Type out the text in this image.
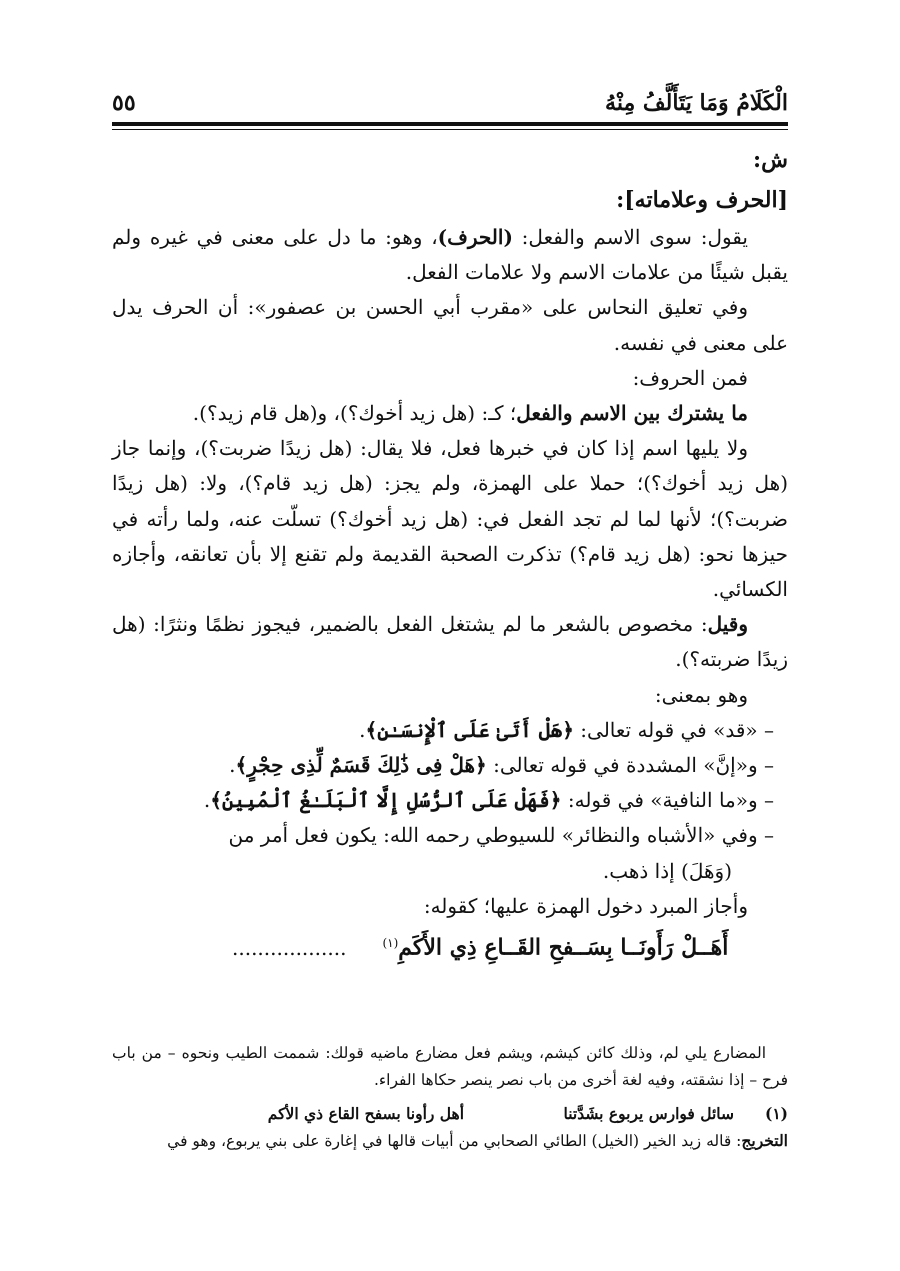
الْكَلَامُ وَمَا يَتَأَلَّفُ مِنْهُ
٥٥

ش:

[الحرف وعلاماته]:

يقول: سوى الاسم والفعل: (الحرف)، وهو: ما دل على معنى في غيره ولم يقبل شيئًا من علامات الاسم ولا علامات الفعل.

وفي تعليق النحاس على «مقرب أبي الحسن بن عصفور»: أن الحرف يدل على معنى في نفسه.

فمن الحروف:

ما يشترك بين الاسم والفعل؛ كـ: (هل زيد أخوك؟)، و(هل قام زيد؟).

ولا يليها اسم إذا كان في خبرها فعل، فلا يقال: (هل زيدًا ضربت؟)، وإنما جاز (هل زيد أخوك؟)؛ حملا على الهمزة، ولم يجز: (هل زيد قام؟)، ولا: (هل زيدًا ضربت؟)؛ لأنها لما لم تجد الفعل في: (هل زيد أخوك؟) تسلّت عنه، ولما رأته في حيزها نحو: (هل زيد قام؟) تذكرت الصحبة القديمة ولم تقنع إلا بأن تعانقه، وأجازه الكسائي.

وقيل: مخصوص بالشعر ما لم يشتغل الفعل بالضمير، فيجوز نظمًا ونثرًا: (هل زيدًا ضربته؟).

وهو بمعنى:

– «قد» في قوله تعالى: ﴿هَلْ أَتَىٰ عَلَى ٱلْإِنسَـٰنِ﴾.

– و«إنَّ» المشددة في قوله تعالى: ﴿هَلْ فِى ذَٰلِكَ قَسَمٌ لِّذِى حِجْرٍ﴾.

– و«ما النافية» في قوله: ﴿فَهَلْ عَلَى ٱلرُّسُلِ إِلَّا ٱلْبَلَـٰغُ ٱلْمُبِينُ﴾.

– وفي «الأشباه والنظائر» للسيوطي رحمه الله: يكون فعل أمر من

(وَهَلَ) إذا ذهب.

وأجاز المبرد دخول الهمزة عليها؛ كقوله:

أَهَــلْ رَأَونَــا بِسَــفحِ القَــاعِ ذِي الأَكَمِ$^{(١)}$..................

المضارع يلي لم، وذلك كائن كيشم، ويشم فعل مضارع ماضيه قولك: شممت الطيب ونحوه – من باب فرح – إذا نشقته، وفيه لغة أخرى من باب نصر ينصر حكاها الفراء.

(١)
سائل فوارس يربوع بشَدَّتنا
أهل رأونا بسفح القاع ذي الأكم

التخريج: قاله زيد الخير (الخيل) الطائي الصحابي من أبيات قالها في إغارة على بني يربوع، وهو في
